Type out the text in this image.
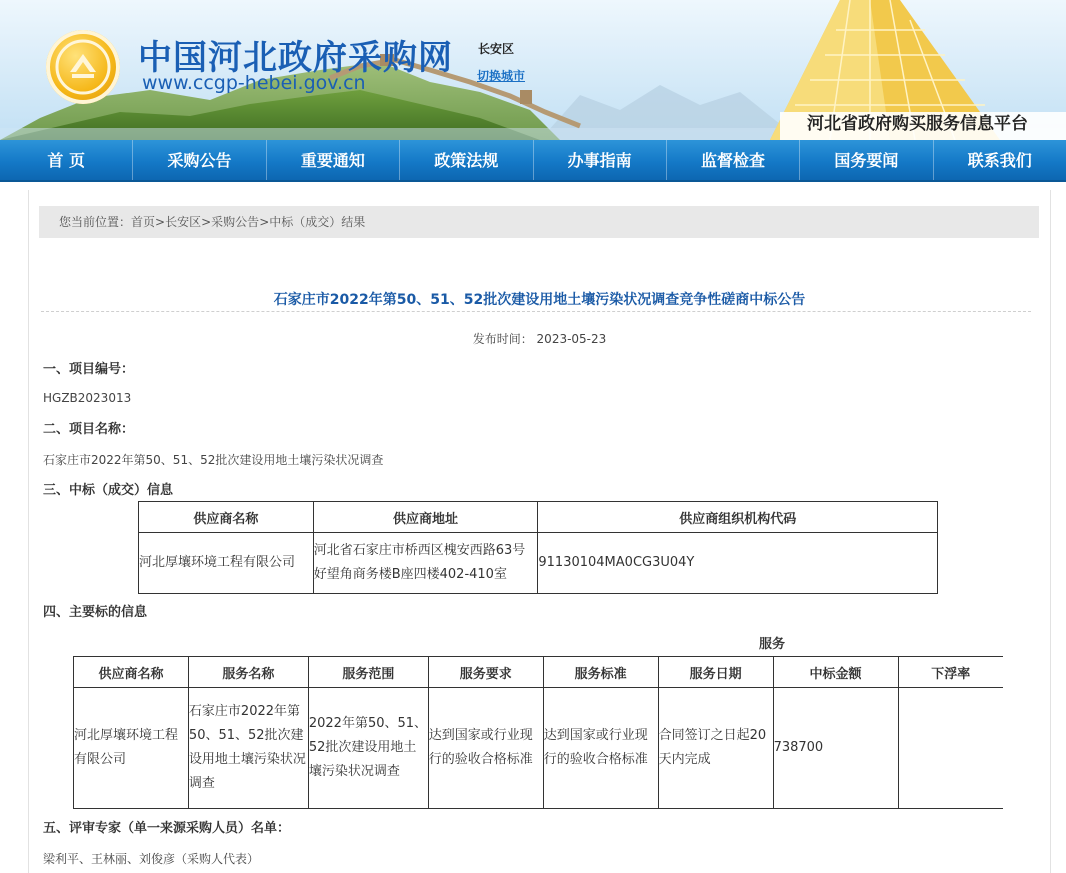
中国河北政府采购网
www.ccgp-hebei.gov.cn
长安区
切换城市
河北省政府购买服务信息平台
首 页	采购公告	重要通知	政策法规	办事指南	监督检查	国务要闻	联系我们
您当前位置：首页>长安区>采购公告>中标（成交）结果
石家庄市2022年第50、51、52批次建设用地土壤污染状况调查竞争性磋商中标公告
发布时间： 2023-05-23
一、项目编号：
HGZB2023013
二、项目名称：
石家庄市2022年第50、51、52批次建设用地土壤污染状况调查
三、中标（成交）信息
供应商名称	供应商地址	供应商组织机构代码
河北厚壤环境工程有限公司	河北省石家庄市桥西区槐安西路63号好望角商务楼B座四楼402-410室	91130104MA0CG3U04Y
四、主要标的信息
服务
供应商名称	服务名称	服务范围	服务要求	服务标准	服务日期	中标金额	下浮率
河北厚壤环境工程有限公司	石家庄市2022年第50、51、52批次建设用地土壤污染状况调查	2022年第50、51、52批次建设用地土壤污染状况调查	达到国家或行业现行的验收合格标准	达到国家或行业现行的验收合格标准	合同签订之日起20天内完成	738700	
五、评审专家（单一来源采购人员）名单：
梁利平、王林丽、刘俊彦（采购人代表）
